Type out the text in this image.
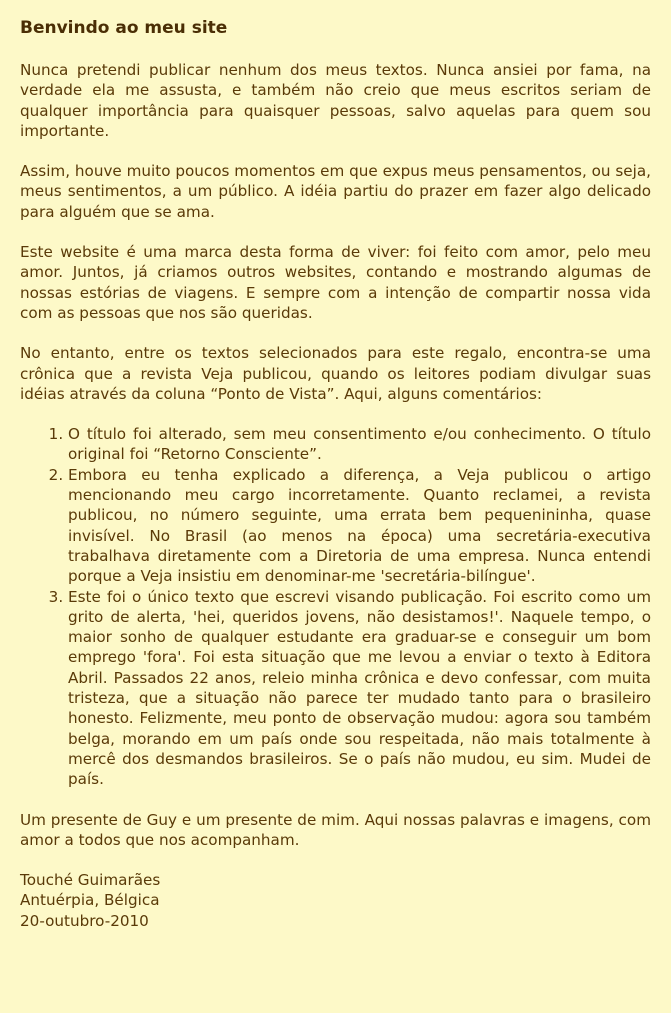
Benvindo ao meu site

Nunca pretendi publicar nenhum dos meus textos. Nunca ansiei por fama, na verdade ela me assusta, e também não creio que meus escritos seriam de qualquer importância para quaisquer pessoas, salvo aquelas para quem sou importante.

Assim, houve muito poucos momentos em que expus meus pensamentos, ou seja, meus sentimentos, a um público. A idéia partiu do prazer em fazer algo delicado para alguém que se ama.

Este website é uma marca desta forma de viver: foi feito com amor, pelo meu amor. Juntos, já criamos outros websites, contando e mostrando algumas de nossas estórias de viagens. E sempre com a intenção de compartir nossa vida com as pessoas que nos são queridas.

No entanto, entre os textos selecionados para este regalo, encontra-se uma crônica que a revista Veja publicou, quando os leitores podiam divulgar suas idéias através da coluna “Ponto de Vista”. Aqui, alguns comentários:

1. O título foi alterado, sem meu consentimento e/ou conhecimento. O título original foi “Retorno Consciente”.
2. Embora eu tenha explicado a diferença, a Veja publicou o artigo mencionando meu cargo incorretamente. Quanto reclamei, a revista publicou, no número seguinte, uma errata bem pequenininha, quase invisível. No Brasil (ao menos na época) uma secretária-executiva trabalhava diretamente com a Diretoria de uma empresa. Nunca entendi porque a Veja insistiu em denominar-me 'secretária-bilíngue'.
3. Este foi o único texto que escrevi visando publicação. Foi escrito como um grito de alerta, 'hei, queridos jovens, não desistamos!'. Naquele tempo, o maior sonho de qualquer estudante era graduar-se e conseguir um bom emprego 'fora'. Foi esta situação que me levou a enviar o texto à Editora Abril. Passados 22 anos, releio minha crônica e devo confessar, com muita tristeza, que a situação não parece ter mudado tanto para o brasileiro honesto. Felizmente, meu ponto de observação mudou: agora sou também belga, morando em um país onde sou respeitada, não mais totalmente à mercê dos desmandos brasileiros. Se o país não mudou, eu sim. Mudei de país.

Um presente de Guy e um presente de mim. Aqui nossas palavras e imagens, com amor a todos que nos acompanham.

Touché Guimarães

Antuérpia, Bélgica

20-outubro-2010
